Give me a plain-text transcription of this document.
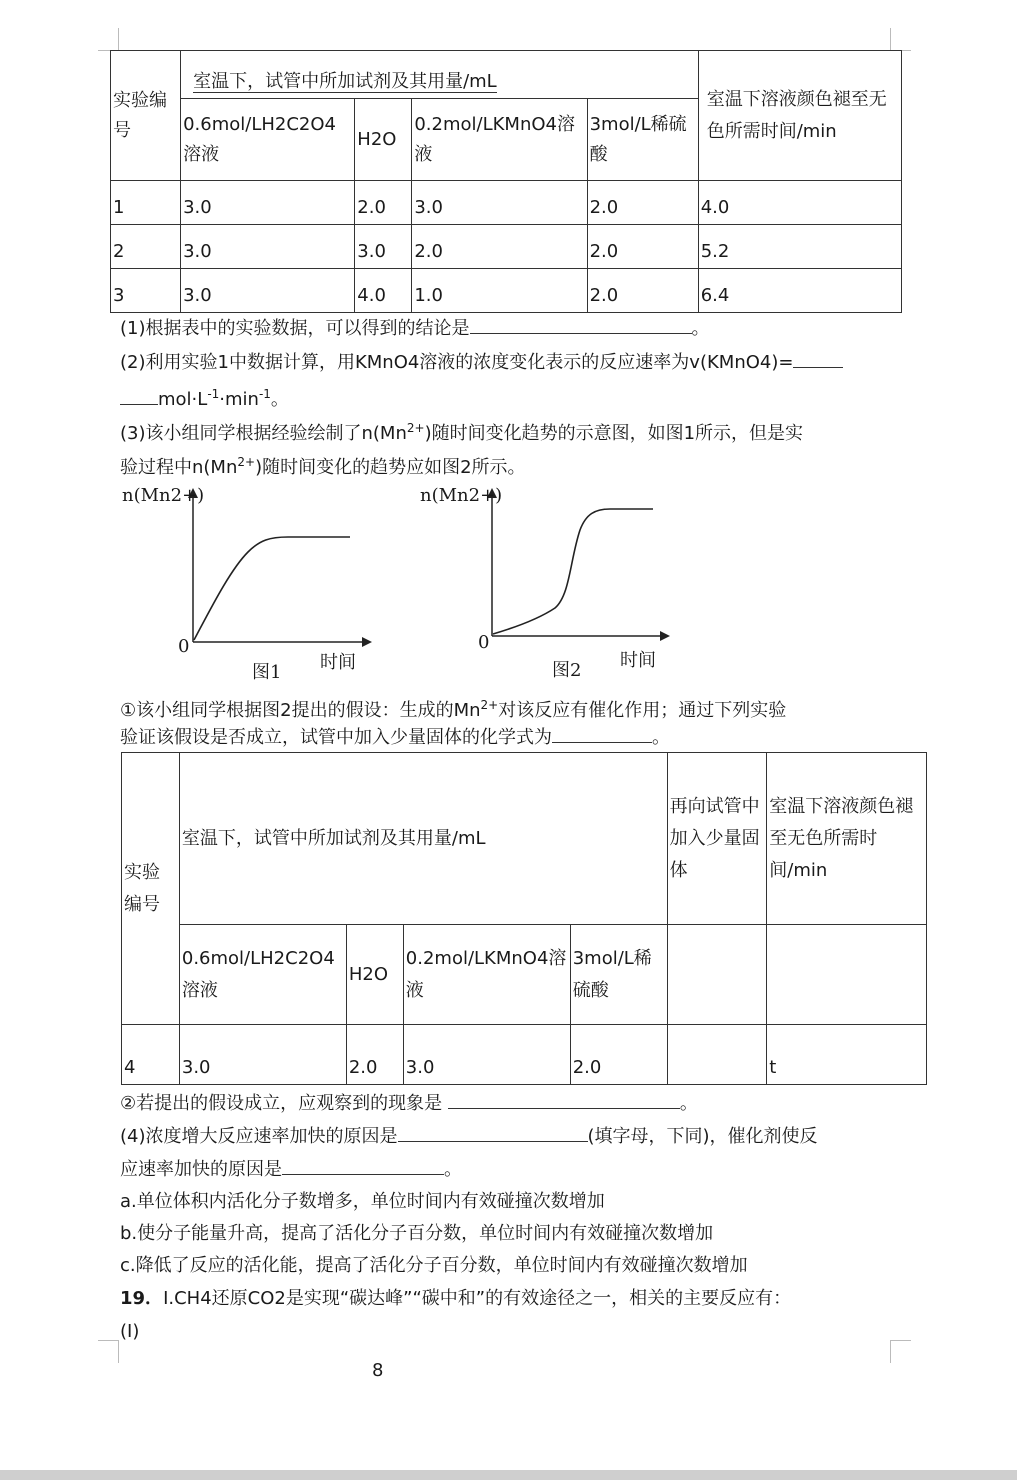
实验编号	室温下，试管中所加试剂及其用量/mL				室温下溶液颜色褪至无色所需时间/min
	0.6mol/LH2C2O4溶液	H2O	0.2mol/LKMnO4溶液	3mol/L稀硫酸	
1	3.0	2.0	3.0	2.0	4.0
2	3.0	3.0	2.0	2.0	5.2
3	3.0	4.0	1.0	2.0	6.4
(1)根据表中的实验数据，可以得到的结论是	。
(2)利用实验1中数据计算，用KMnO4溶液的浓度变化表示的反应速率为v(KMnO4)=
$mol\cdot L^{-1}\cdot\min^{-1}$。
(3)该小组同学根据经验绘制了$n(Mn^{2+})$随时间变化趋势的示意图，如图1所示，但是实
验过程中$n(Mn^{2+})$随时间变化的趋势应如图2所示。
n(Mn2+)
0
时间
图1
n(Mn2+)
0
时间
图2
①该小组同学根据图2提出的假设：生成的$Mn^{2+}$对该反应有催化作用；通过下列实验
验证该假设是否成立，试管中加入少量固体的化学式为	。
实验编号	室温下，试管中所加试剂及其用量/mL				再向试管中加入少量固体	室温下溶液颜色褪至无色所需时间/min
	0.6mol/LH2C2O4溶液	H2O	0.2mol/LKMnO4溶液	3mol/L稀硫酸		
4	3.0	2.0	3.0	2.0		t
②若提出的假设成立，应观察到的现象是	。
(4)浓度增大反应速率加快的原因是	(填字母，下同)，催化剂使反
应速率加快的原因是	。
a.单位体积内活化分子数增多，单位时间内有效碰撞次数增加
b.使分子能量升高，提高了活化分子百分数，单位时间内有效碰撞次数增加
c.降低了反应的活化能，提高了活化分子百分数，单位时间内有效碰撞次数增加
19．I.CH4还原CO2是实现“碳达峰”“碳中和”的有效途径之一，相关的主要反应有：
(I)
8
